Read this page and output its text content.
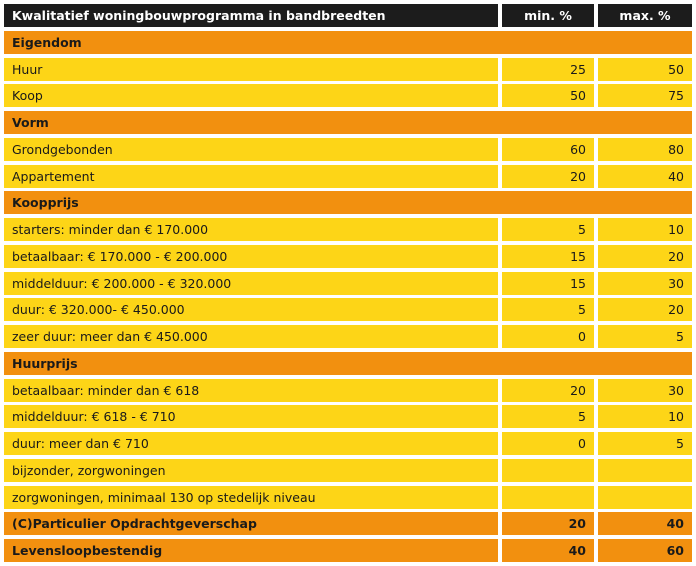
Kwalitatief woningbouwprogramma in bandbreedten	min. %	max. %
Eigendom
Huur	25	50
Koop	50	75
Vorm
Grondgebonden	60	80
Appartement	20	40
Koopprijs
starters: minder dan € 170.000	5	10
betaalbaar: € 170.000 - € 200.000	15	20
middelduur: € 200.000 - € 320.000	15	30
duur: € 320.000- € 450.000	5	20
zeer duur: meer dan € 450.000	0	5
Huurprijs
betaalbaar: minder dan € 618	20	30
middelduur: € 618 - € 710	5	10
duur: meer dan € 710	0	5
bijzonder, zorgwoningen
zorgwoningen, minimaal 130 op stedelijk niveau
(C)Particulier Opdrachtgeverschap	20	40
Levensloopbestendig	40	60
